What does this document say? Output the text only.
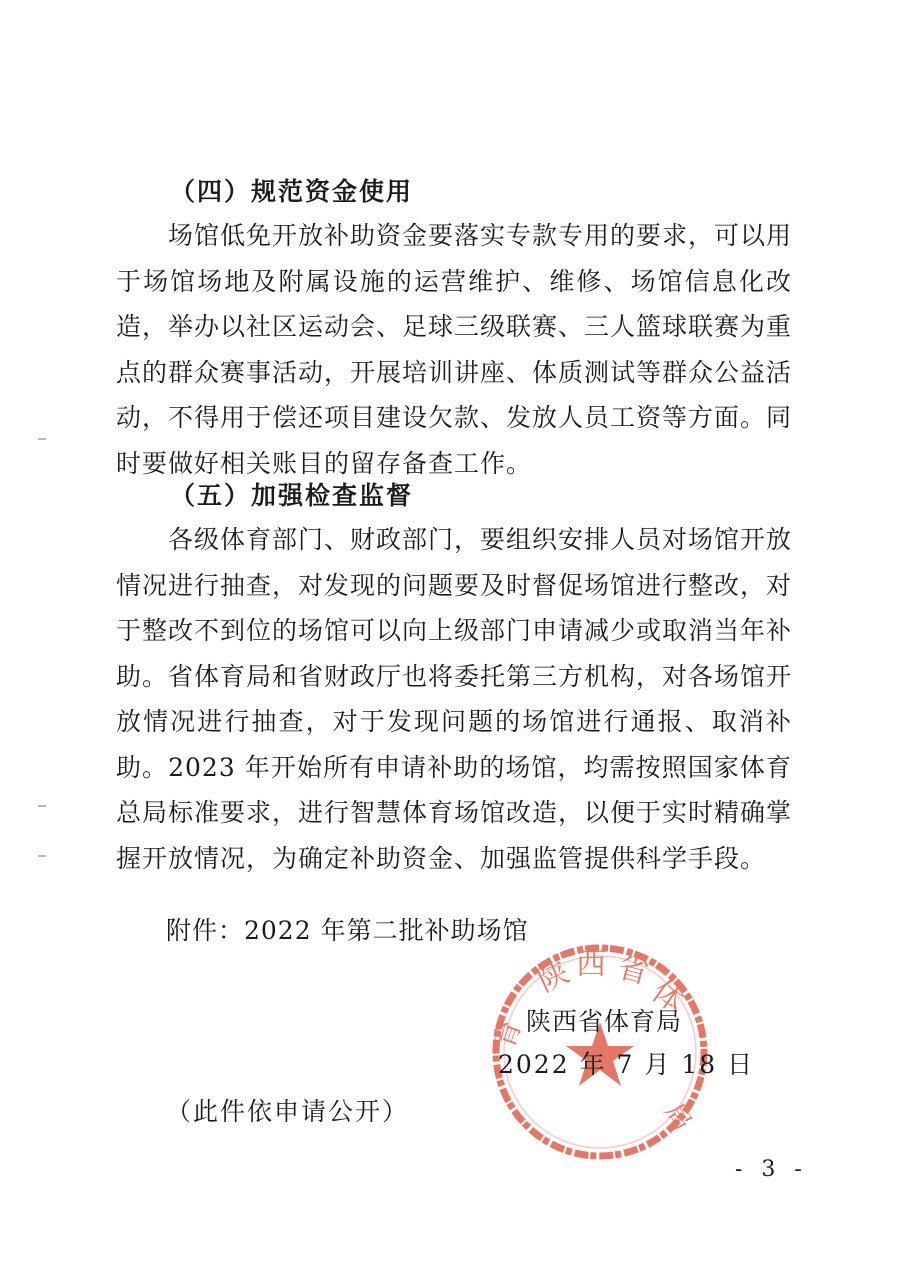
（四）规范资金使用
场馆低免开放补助资金要落实专款专用的要求，可以用于场馆场地及附属设施的运营维护、维修、场馆信息化改造，举办以社区运动会、足球三级联赛、三人篮球联赛为重点的群众赛事活动，开展培训讲座、体质测试等群众公益活动，不得用于偿还项目建设欠款、发放人员工资等方面。同时要做好相关账目的留存备查工作。
（五）加强检查监督
各级体育部门、财政部门，要组织安排人员对场馆开放情况进行抽查，对发现的问题要及时督促场馆进行整改，对于整改不到位的场馆可以向上级部门申请减少或取消当年补助。省体育局和省财政厅也将委托第三方机构，对各场馆开放情况进行抽查，对于发现问题的场馆进行通报、取消补助。2023 年开始所有申请补助的场馆，均需按照国家体育总局标准要求，进行智慧体育场馆改造，以便于实时精确掌握开放情况，为确定补助资金、加强监管提供科学手段。
附件：2022 年第二批补助场馆
陕 西 省
体
育
局
陕西省体育局
2022 年 7 月 18 日
（此件依申请公开）
- 3 -
